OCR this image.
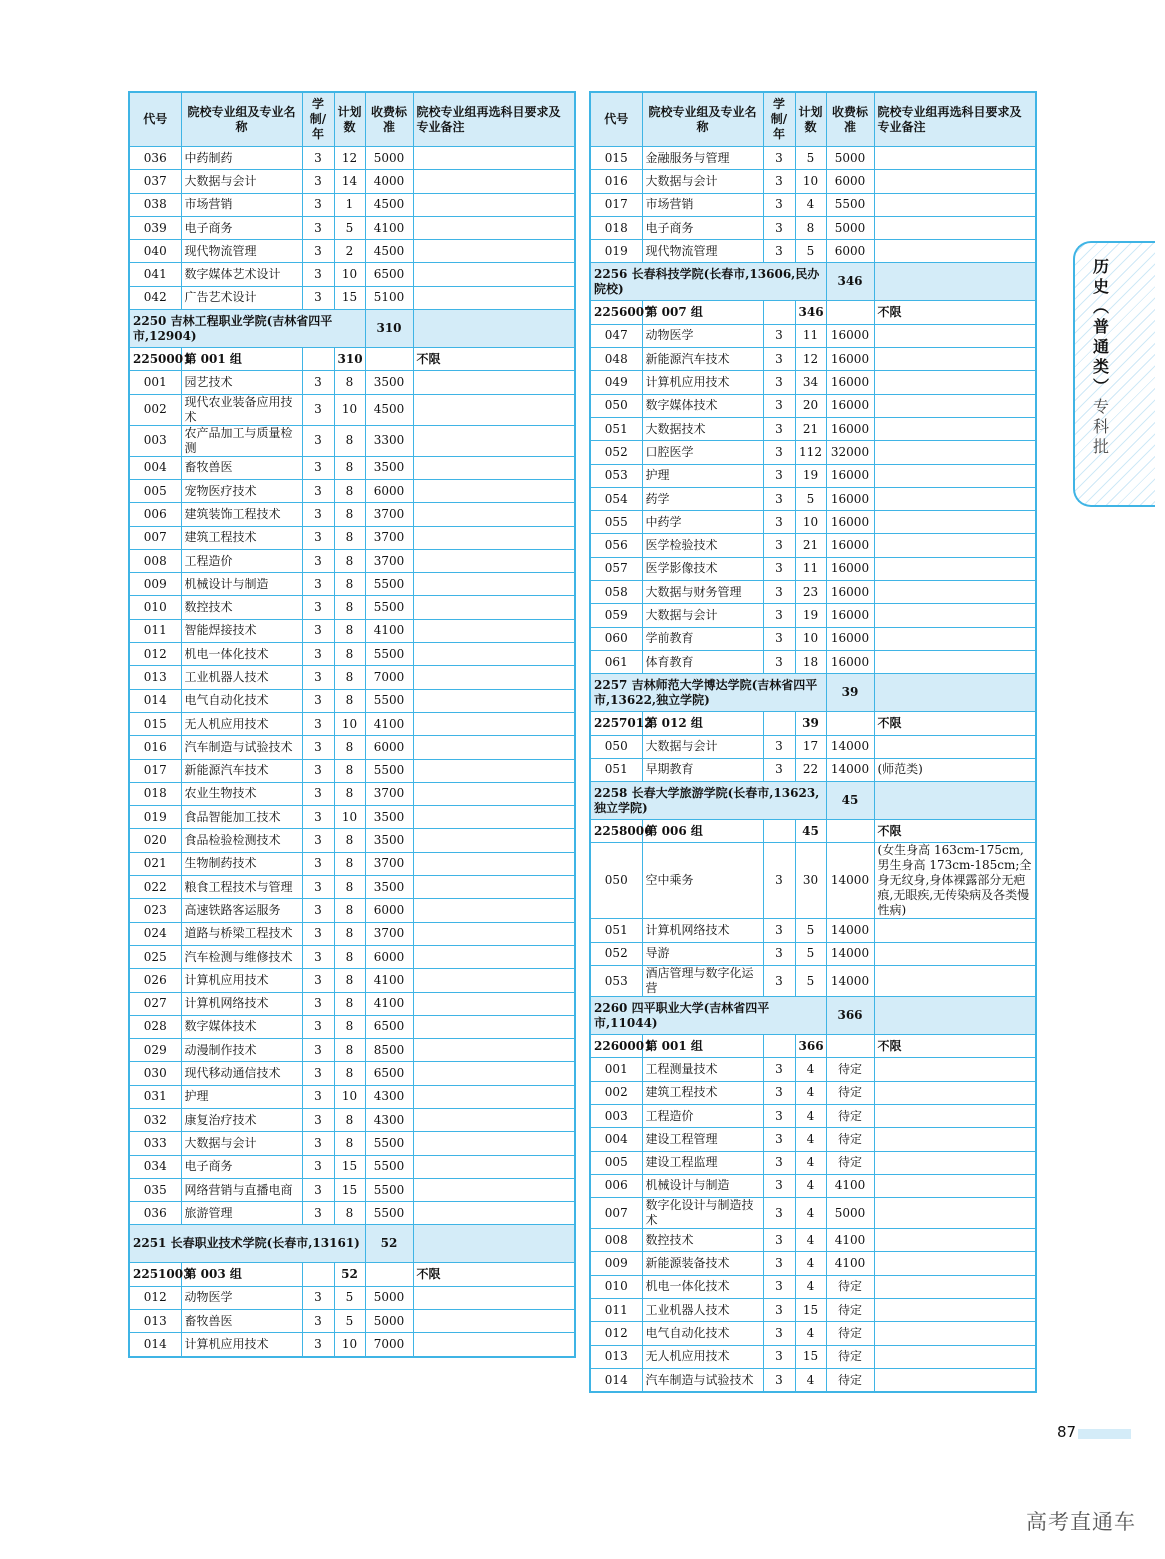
代号	院校专业组及专业名称	学制/年	计划数	收费标准	院校专业组再选科目要求及专业备注
036	中药制药	3	12	5000	
037	大数据与会计	3	14	4000	
038	市场营销	3	1	4500	
039	电子商务	3	5	4100	
040	现代物流管理	3	2	4500	
041	数字媒体艺术设计	3	10	6500	
042	广告艺术设计	3	15	5100	
2250 吉林工程职业学院(吉林省四平市,12904)				310	
2250001	第 001 组		310		不限
001	园艺技术	3	8	3500	
002	现代农业装备应用技术	3	10	4500	
003	农产品加工与质量检测	3	8	3300	
004	畜牧兽医	3	8	3500	
005	宠物医疗技术	3	8	6000	
006	建筑装饰工程技术	3	8	3700	
007	建筑工程技术	3	8	3700	
008	工程造价	3	8	3700	
009	机械设计与制造	3	8	5500	
010	数控技术	3	8	5500	
011	智能焊接技术	3	8	4100	
012	机电一体化技术	3	8	5500	
013	工业机器人技术	3	8	7000	
014	电气自动化技术	3	8	5500	
015	无人机应用技术	3	10	4100	
016	汽车制造与试验技术	3	8	6000	
017	新能源汽车技术	3	8	5500	
018	农业生物技术	3	8	3700	
019	食品智能加工技术	3	10	3500	
020	食品检验检测技术	3	8	3500	
021	生物制药技术	3	8	3700	
022	粮食工程技术与管理	3	8	3500	
023	高速铁路客运服务	3	8	6000	
024	道路与桥梁工程技术	3	8	3700	
025	汽车检测与维修技术	3	8	6000	
026	计算机应用技术	3	8	4100	
027	计算机网络技术	3	8	4100	
028	数字媒体技术	3	8	6500	
029	动漫制作技术	3	8	8500	
030	现代移动通信技术	3	8	6500	
031	护理	3	10	4300	
032	康复治疗技术	3	8	4300	
033	大数据与会计	3	8	5500	
034	电子商务	3	15	5500	
035	网络营销与直播电商	3	15	5500	
036	旅游管理	3	8	5500	
2251 长春职业技术学院(长春市,13161)				52	
2251003	第 003 组		52		不限
012	动物医学	3	5	5000	
013	畜牧兽医	3	5	5000	
014	计算机应用技术	3	10	7000	
代号	院校专业组及专业名称	学制/年	计划数	收费标准	院校专业组再选科目要求及专业备注
015	金融服务与管理	3	5	5000	
016	大数据与会计	3	10	6000	
017	市场营销	3	4	5500	
018	电子商务	3	8	5000	
019	现代物流管理	3	5	6000	
2256 长春科技学院(长春市,13606,民办院校)				346	
2256007	第 007 组		346		不限
047	动物医学	3	11	16000	
048	新能源汽车技术	3	12	16000	
049	计算机应用技术	3	34	16000	
050	数字媒体技术	3	20	16000	
051	大数据技术	3	21	16000	
052	口腔医学	3	112	32000	
053	护理	3	19	16000	
054	药学	3	5	16000	
055	中药学	3	10	16000	
056	医学检验技术	3	21	16000	
057	医学影像技术	3	11	16000	
058	大数据与财务管理	3	23	16000	
059	大数据与会计	3	19	16000	
060	学前教育	3	10	16000	
061	体育教育	3	18	16000	
2257 吉林师范大学博达学院(吉林省四平市,13622,独立学院)				39	
2257012	第 012 组		39		不限
050	大数据与会计	3	17	14000	
051	早期教育	3	22	14000	(师范类)
2258 长春大学旅游学院(长春市,13623,独立学院)				45	
2258006	第 006 组		45		不限
050	空中乘务	3	30	14000	(女生身高 163cm-175cm,男生身高 173cm-185cm;全身无纹身,身体裸露部分无疤痕,无眼疾,无传染病及各类慢性病)
051	计算机网络技术	3	5	14000	
052	导游	3	5	14000	
053	酒店管理与数字化运营	3	5	14000	
2260 四平职业大学(吉林省四平市,11044)				366	
2260001	第 001 组		366		不限
001	工程测量技术	3	4	待定	
002	建筑工程技术	3	4	待定	
003	工程造价	3	4	待定	
004	建设工程管理	3	4	待定	
005	建设工程监理	3	4	待定	
006	机械设计与制造	3	4	4100	
007	数字化设计与制造技术	3	4	5000	
008	数控技术	3	4	4100	
009	新能源装备技术	3	4	4100	
010	机电一体化技术	3	4	待定	
011	工业机器人技术	3	15	待定	
012	电气自动化技术	3	4	待定	
013	无人机应用技术	3	15	待定	
014	汽车制造与试验技术	3	4	待定	
历
史
︵
普
通
类
︶
专
科
批
87
高考直通车
